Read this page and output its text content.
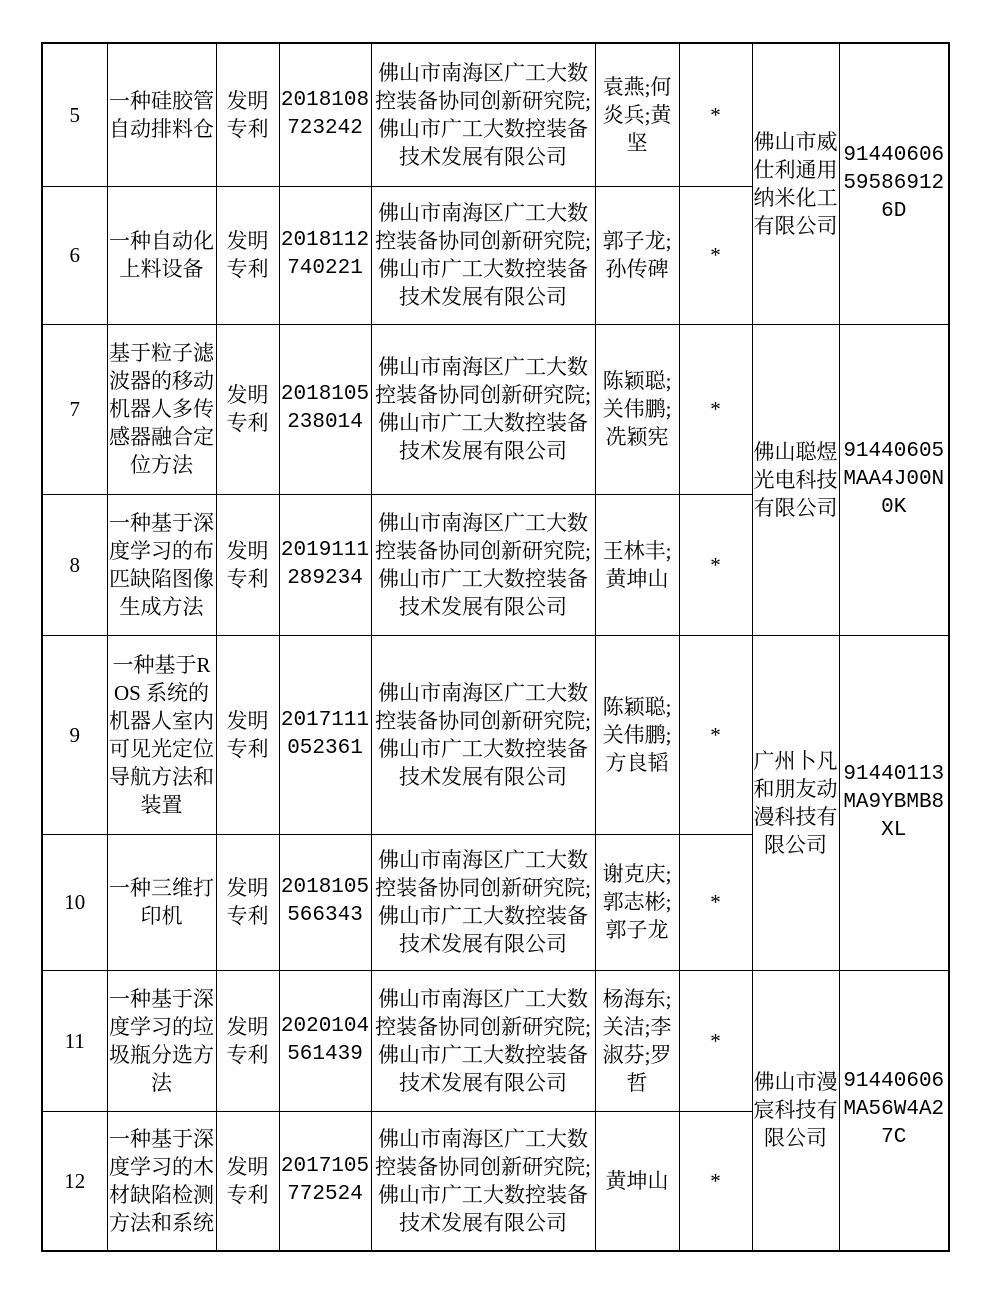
5	一种硅胶管自动排料仓	发明专利	2018108723242	佛山市南海区广工大数控装备协同创新研究院;佛山市广工大数控装备技术发展有限公司	袁燕;何炎兵;黄坚	*	佛山市威仕利通用纳米化工有限公司	91440606595869126D
6	一种自动化上料设备	发明专利	2018112740221	佛山市南海区广工大数控装备协同创新研究院;佛山市广工大数控装备技术发展有限公司	郭子龙;孙传碑	*		
7	基于粒子滤波器的移动机器人多传感器融合定位方法	发明专利	2018105238014	佛山市南海区广工大数控装备协同创新研究院;佛山市广工大数控装备技术发展有限公司	陈颖聪;关伟鹏;冼颖宪	*	佛山聪煜光电科技有限公司	91440605MAA4J00N0K
8	一种基于深度学习的布匹缺陷图像生成方法	发明专利	2019111289234	佛山市南海区广工大数控装备协同创新研究院;佛山市广工大数控装备技术发展有限公司	王林丰;黄坤山	*		
9	一种基于ROS 系统的机器人室内可见光定位导航方法和装置	发明专利	2017111052361	佛山市南海区广工大数控装备协同创新研究院;佛山市广工大数控装备技术发展有限公司	陈颖聪;关伟鹏;方良韬	*	广州卜凡和朋友动漫科技有限公司	91440113MA9YBMB8XL
10	一种三维打印机	发明专利	2018105566343	佛山市南海区广工大数控装备协同创新研究院;佛山市广工大数控装备技术发展有限公司	谢克庆;郭志彬;郭子龙	*		
11	一种基于深度学习的垃圾瓶分选方法	发明专利	2020104561439	佛山市南海区广工大数控装备协同创新研究院;佛山市广工大数控装备技术发展有限公司	杨海东;关洁;李淑芬;罗哲	*	佛山市漫宸科技有限公司	91440606MA56W4A27C
12	一种基于深度学习的木材缺陷检测方法和系统	发明专利	2017105772524	佛山市南海区广工大数控装备协同创新研究院;佛山市广工大数控装备技术发展有限公司	黄坤山	*		
